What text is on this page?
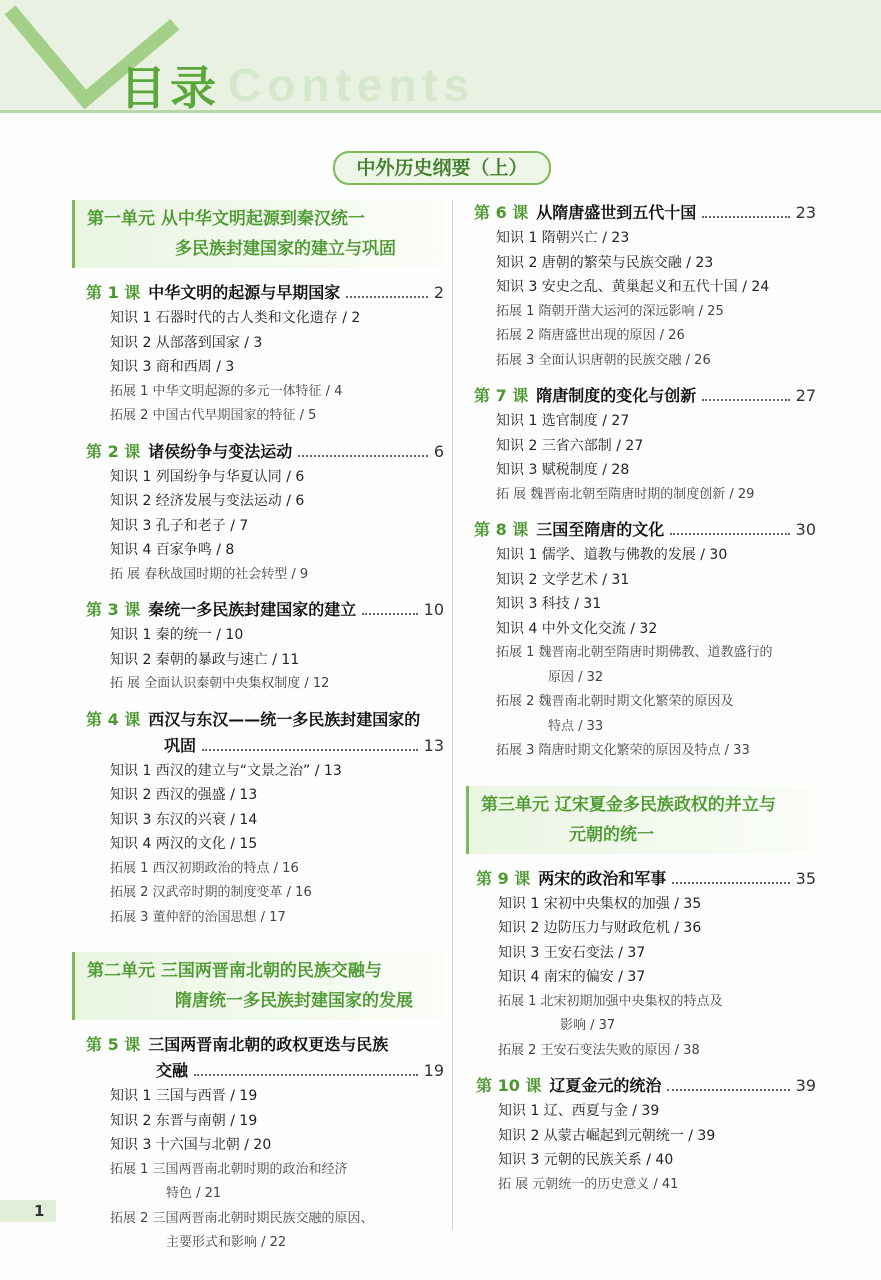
Contents
目录
中外历史纲要（上）
第一单元 从中华文明起源到秦汉统一
多民族封建国家的建立与巩固
第 1 课 中华文明的起源与早期国家	2
知识 1 石器时代的古人类和文化遗存 / 2
知识 2 从部落到国家 / 3
知识 3 商和西周 / 3
拓展 1 中华文明起源的多元一体特征 / 4
拓展 2 中国古代早期国家的特征 / 5
第 2 课 诸侯纷争与变法运动	6
知识 1 列国纷争与华夏认同 / 6
知识 2 经济发展与变法运动 / 6
知识 3 孔子和老子 / 7
知识 4 百家争鸣 / 8
拓 展 春秋战国时期的社会转型 / 9
第 3 课 秦统一多民族封建国家的建立	10
知识 1 秦的统一 / 10
知识 2 秦朝的暴政与速亡 / 11
拓 展 全面认识秦朝中央集权制度 / 12
第 4 课 西汉与东汉——统一多民族封建国家的
巩固	13
知识 1 西汉的建立与“文景之治” / 13
知识 2 西汉的强盛 / 13
知识 3 东汉的兴衰 / 14
知识 4 两汉的文化 / 15
拓展 1 西汉初期政治的特点 / 16
拓展 2 汉武帝时期的制度变革 / 16
拓展 3 董仲舒的治国思想 / 17
第二单元 三国两晋南北朝的民族交融与
隋唐统一多民族封建国家的发展
第 5 课 三国两晋南北朝的政权更迭与民族
交融	19
知识 1 三国与西晋 / 19
知识 2 东晋与南朝 / 19
知识 3 十六国与北朝 / 20
拓展 1 三国两晋南北朝时期的政治和经济
特色 / 21
拓展 2 三国两晋南北朝时期民族交融的原因、
主要形式和影响 / 22
第 6 课 从隋唐盛世到五代十国	23
知识 1 隋朝兴亡 / 23
知识 2 唐朝的繁荣与民族交融 / 23
知识 3 安史之乱、黄巢起义和五代十国 / 24
拓展 1 隋朝开凿大运河的深远影响 / 25
拓展 2 隋唐盛世出现的原因 / 26
拓展 3 全面认识唐朝的民族交融 / 26
第 7 课 隋唐制度的变化与创新	27
知识 1 选官制度 / 27
知识 2 三省六部制 / 27
知识 3 赋税制度 / 28
拓 展 魏晋南北朝至隋唐时期的制度创新 / 29
第 8 课 三国至隋唐的文化	30
知识 1 儒学、道教与佛教的发展 / 30
知识 2 文学艺术 / 31
知识 3 科技 / 31
知识 4 中外文化交流 / 32
拓展 1 魏晋南北朝至隋唐时期佛教、道教盛行的
原因 / 32
拓展 2 魏晋南北朝时期文化繁荣的原因及
特点 / 33
拓展 3 隋唐时期文化繁荣的原因及特点 / 33
第三单元 辽宋夏金多民族政权的并立与
元朝的统一
第 9 课 两宋的政治和军事	35
知识 1 宋初中央集权的加强 / 35
知识 2 边防压力与财政危机 / 36
知识 3 王安石变法 / 37
知识 4 南宋的偏安 / 37
拓展 1 北宋初期加强中央集权的特点及
影响 / 37
拓展 2 王安石变法失败的原因 / 38
第 10 课 辽夏金元的统治	39
知识 1 辽、西夏与金 / 39
知识 2 从蒙古崛起到元朝统一 / 39
知识 3 元朝的民族关系 / 40
拓 展 元朝统一的历史意义 / 41
1
